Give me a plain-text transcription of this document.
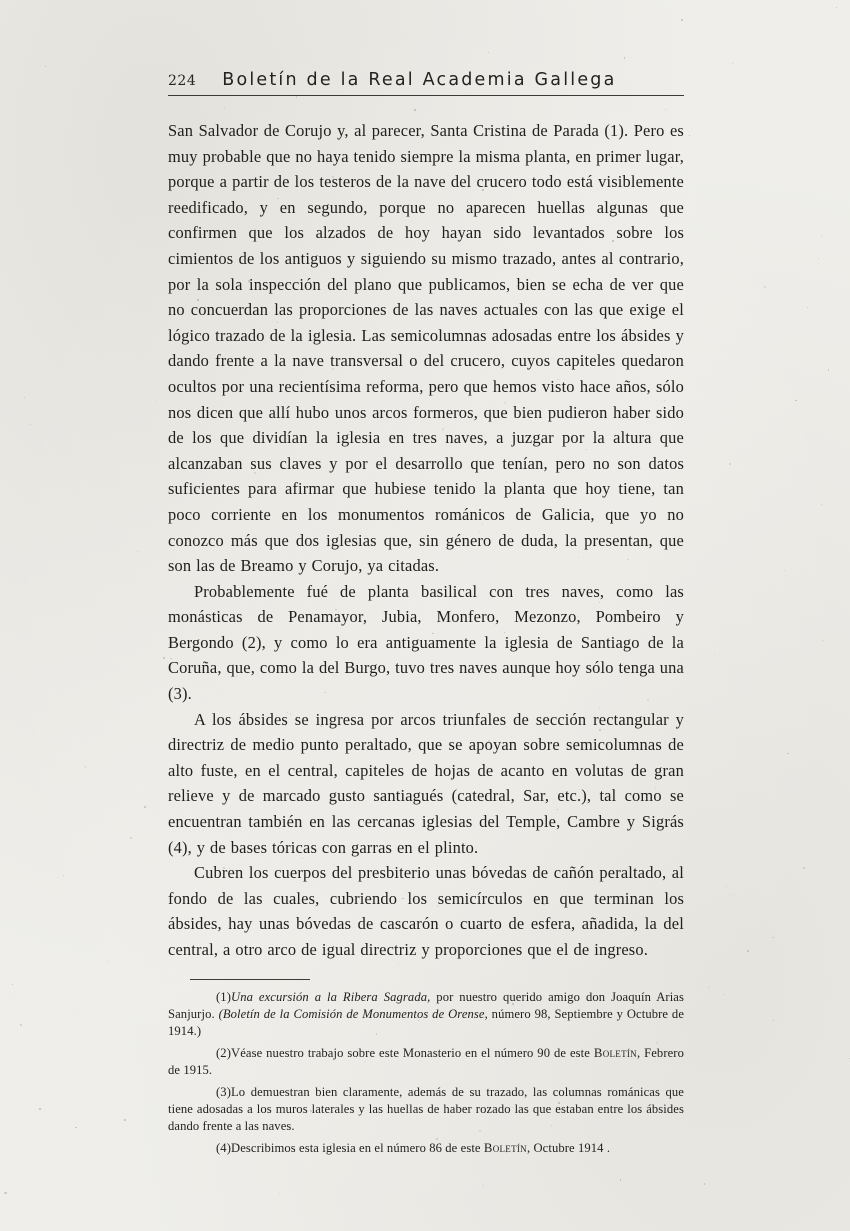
224 Boletín de la Real Academia Gallega

San Salvador de Corujo y, al parecer, Santa Cristina de Parada (1). Pero es muy probable que no haya tenido siempre la misma planta, en primer lugar, porque a partir de los testeros de la nave del crucero todo está visiblemente reedificado, y en segundo, porque no aparecen huellas algunas que confirmen que los alzados de hoy hayan sido levantados sobre los cimientos de los antiguos y siguiendo su mismo trazado, antes al contrario, por la sola inspección del plano que publicamos, bien se echa de ver que no concuerdan las proporciones de las naves actuales con las que exige el lógico trazado de la iglesia. Las semicolumnas adosadas entre los ábsides y dando frente a la nave transversal o del crucero, cuyos capiteles quedaron ocultos por una recientísima reforma, pero que hemos visto hace años, sólo nos dicen que allí hubo unos arcos formeros, que bien pudieron haber sido de los que dividían la iglesia en tres naves, a juzgar por la altura que alcanzaban sus claves y por el desarrollo que tenían, pero no son datos suficientes para afirmar que hubiese tenido la planta que hoy tiene, tan poco corriente en los monumentos románicos de Galicia, que yo no conozco más que dos iglesias que, sin género de duda, la presentan, que son las de Breamo y Corujo, ya citadas.

Probablemente fué de planta basilical con tres naves, como las monásticas de Penamayor, Jubia, Monfero, Mezonzo, Pombeiro y Bergondo (2), y como lo era antiguamente la iglesia de Santiago de la Coruña, que, como la del Burgo, tuvo tres naves aunque hoy sólo tenga una (3).

A los ábsides se ingresa por arcos triunfales de sección rectangular y directriz de medio punto peraltado, que se apoyan sobre semicolumnas de alto fuste, en el central, capiteles de hojas de acanto en volutas de gran relieve y de marcado gusto santiagués (catedral, Sar, etc.), tal como se encuentran también en las cercanas iglesias del Temple, Cambre y Sigrás (4), y de bases tóricas con garras en el plinto.

Cubren los cuerpos del presbiterio unas bóvedas de cañón peraltado, al fondo de las cuales, cubriendo los semicírculos en que terminan los ábsides, hay unas bóvedas de cascarón o cuarto de esfera, añadida, la del central, a otro arco de igual directriz y proporciones que el de ingreso.

(1)Una excursión a la Ribera Sagrada, por nuestro querido amigo don Joaquín Arias Sanjurjo. (Boletín de la Comisión de Monumentos de Orense, número 98, Septiembre y Octubre de 1914.)

(2)Véase nuestro trabajo sobre este Monasterio en el número 90 de este Boletín, Febrero de 1915.

(3)Lo demuestran bien claramente, además de su trazado, las columnas románicas que tiene adosadas a los muros laterales y las huellas de haber rozado las que estaban entre los ábsides dando frente a las naves.

(4)Describimos esta iglesia en el número 86 de este Boletín, Octubre 1914 .
